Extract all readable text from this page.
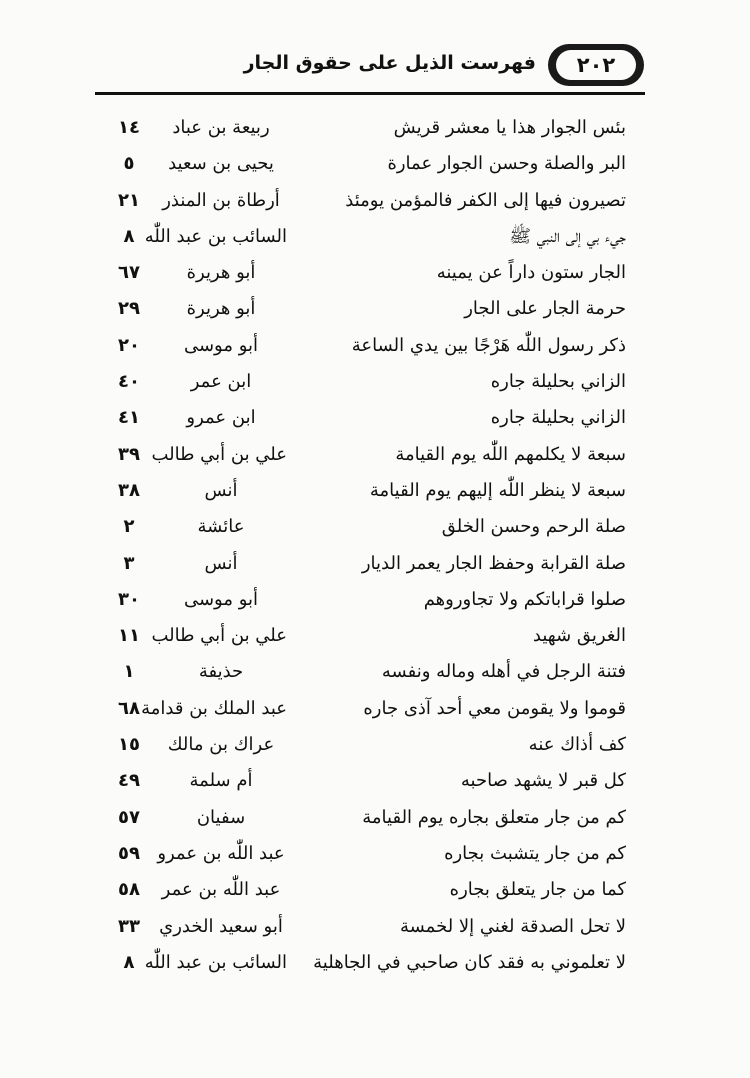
٢٠٢
فهرست الذيل على حقوق الجار
بئس الجوار هذا يا معشر قريش
ربيعة بن عباد
١٤
البر والصلة وحسن الجوار عمارة
يحيى بن سعيد
٥
تصيرون فيها إلى الكفر فالمؤمن يومئذ
أرطاة بن المنذر
٢١
جيء بي إلى النبي ﷺ
السائب بن عبد اللّٰه
٨
الجار ستون داراً عن يمينه
أبو هريرة
٦٧
حرمة الجار على الجار
أبو هريرة
٢٩
ذكر رسول اللّٰه هَرْجًا بين يدي الساعة
أبو موسى
٢٠
الزاني بحليلة جاره
ابن عمر
٤٠
الزاني بحليلة جاره
ابن عمرو
٤١
سبعة لا يكلمهم اللّٰه يوم القيامة
علي بن أبي طالب
٣٩
سبعة لا ينظر اللّٰه إليهم يوم القيامة
أنس
٣٨
صلة الرحم وحسن الخلق
عائشة
٢
صلة القرابة وحفظ الجار يعمر الديار
أنس
٣
صلوا قراباتكم ولا تجاوروهم
أبو موسى
٣٠
الغريق شهيد
علي بن أبي طالب
١١
فتنة الرجل في أهله وماله ونفسه
حذيفة
١
قوموا ولا يقومن معي أحد آذى جاره
عبد الملك بن قدامة
٦٨
كف أذاك عنه
عراك بن مالك
١٥
كل قبر لا يشهد صاحبه
أم سلمة
٤٩
كم من جار متعلق بجاره يوم القيامة
سفيان
٥٧
كم من جار يتشبث بجاره
عبد اللّٰه بن عمرو
٥٩
كما من جار يتعلق بجاره
عبد اللّٰه بن عمر
٥٨
لا تحل الصدقة لغني إلا لخمسة
أبو سعيد الخدري
٣٣
لا تعلموني به فقد كان صاحبي في الجاهلية
السائب بن عبد اللّٰه
٨
